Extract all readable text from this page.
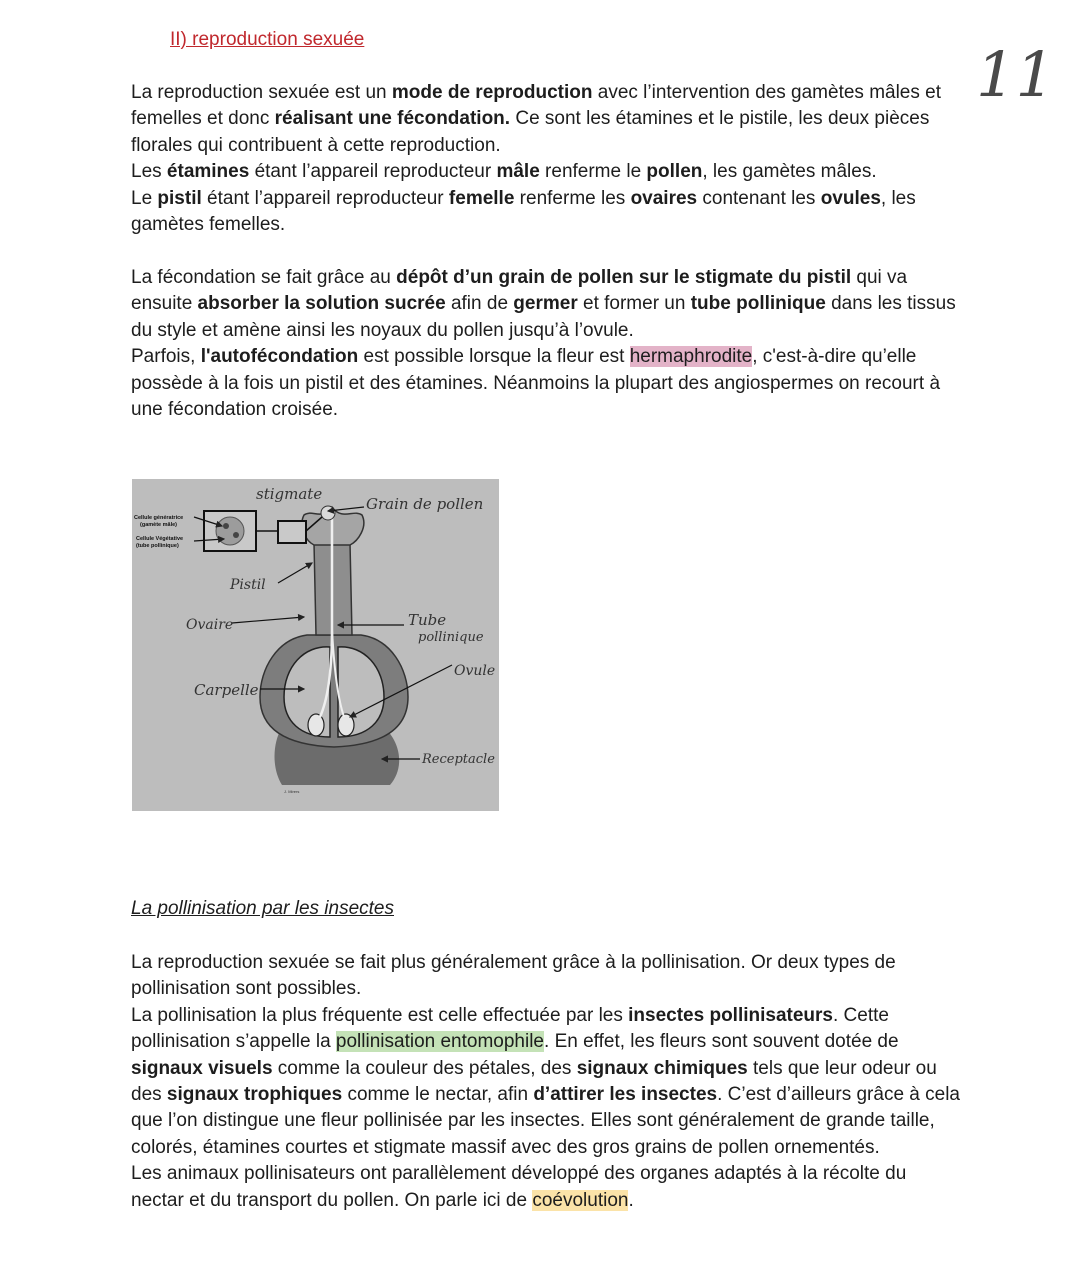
II) reproduction sexuée	11

La reproduction sexuée est un mode de reproduction avec l’intervention des gamètes mâles et femelles et donc réalisant une fécondation. Ce sont les étamines et le pistile, les deux pièces florales qui contribuent à cette reproduction.
Les étamines étant l’appareil reproducteur mâle renferme le pollen, les gamètes mâles.
Le pistil étant l’appareil reproducteur femelle renferme les ovaires contenant les ovules, les gamètes femelles.

La fécondation se fait grâce au dépôt d’un grain de pollen sur le stigmate du pistil qui va ensuite absorber la solution sucrée afin de germer et former un tube pollinique dans les tissus du style et amène ainsi les noyaux du pollen jusqu’à l’ovule.
Parfois, l'autofécondation est possible lorsque la fleur est hermaphrodite, c'est-à-dire qu’elle possède à la fois un pistil et des étamines. Néanmoins la plupart des angiospermes on recourt à une fécondation croisée.

stigmate
Grain de pollen
Cellule génératrice
(gamète mâle)
Cellule Végétative
(tube pollinique)
Pistil
Ovaire	Tube
pollinique
Ovule
Carpelle
Receptacle
J. Mirers
La pollinisation par les insectes

La reproduction sexuée se fait plus généralement grâce à la pollinisation. Or deux types de pollinisation sont possibles.
La pollinisation la plus fréquente est celle effectuée par les insectes pollinisateurs. Cette pollinisation s’appelle la pollinisation entomophile. En effet, les fleurs sont souvent dotée de signaux visuels comme la couleur des pétales, des signaux chimiques tels que leur odeur ou des signaux trophiques comme le nectar, afin d’attirer les insectes. C’est d’ailleurs grâce à cela que l’on distingue une fleur pollinisée par les insectes. Elles sont généralement de grande taille, colorés, étamines courtes et stigmate massif avec des gros grains de pollen ornementés.
Les animaux pollinisateurs ont parallèlement développé des organes adaptés à la récolte du nectar et du transport du pollen. On parle ici de coévolution.
